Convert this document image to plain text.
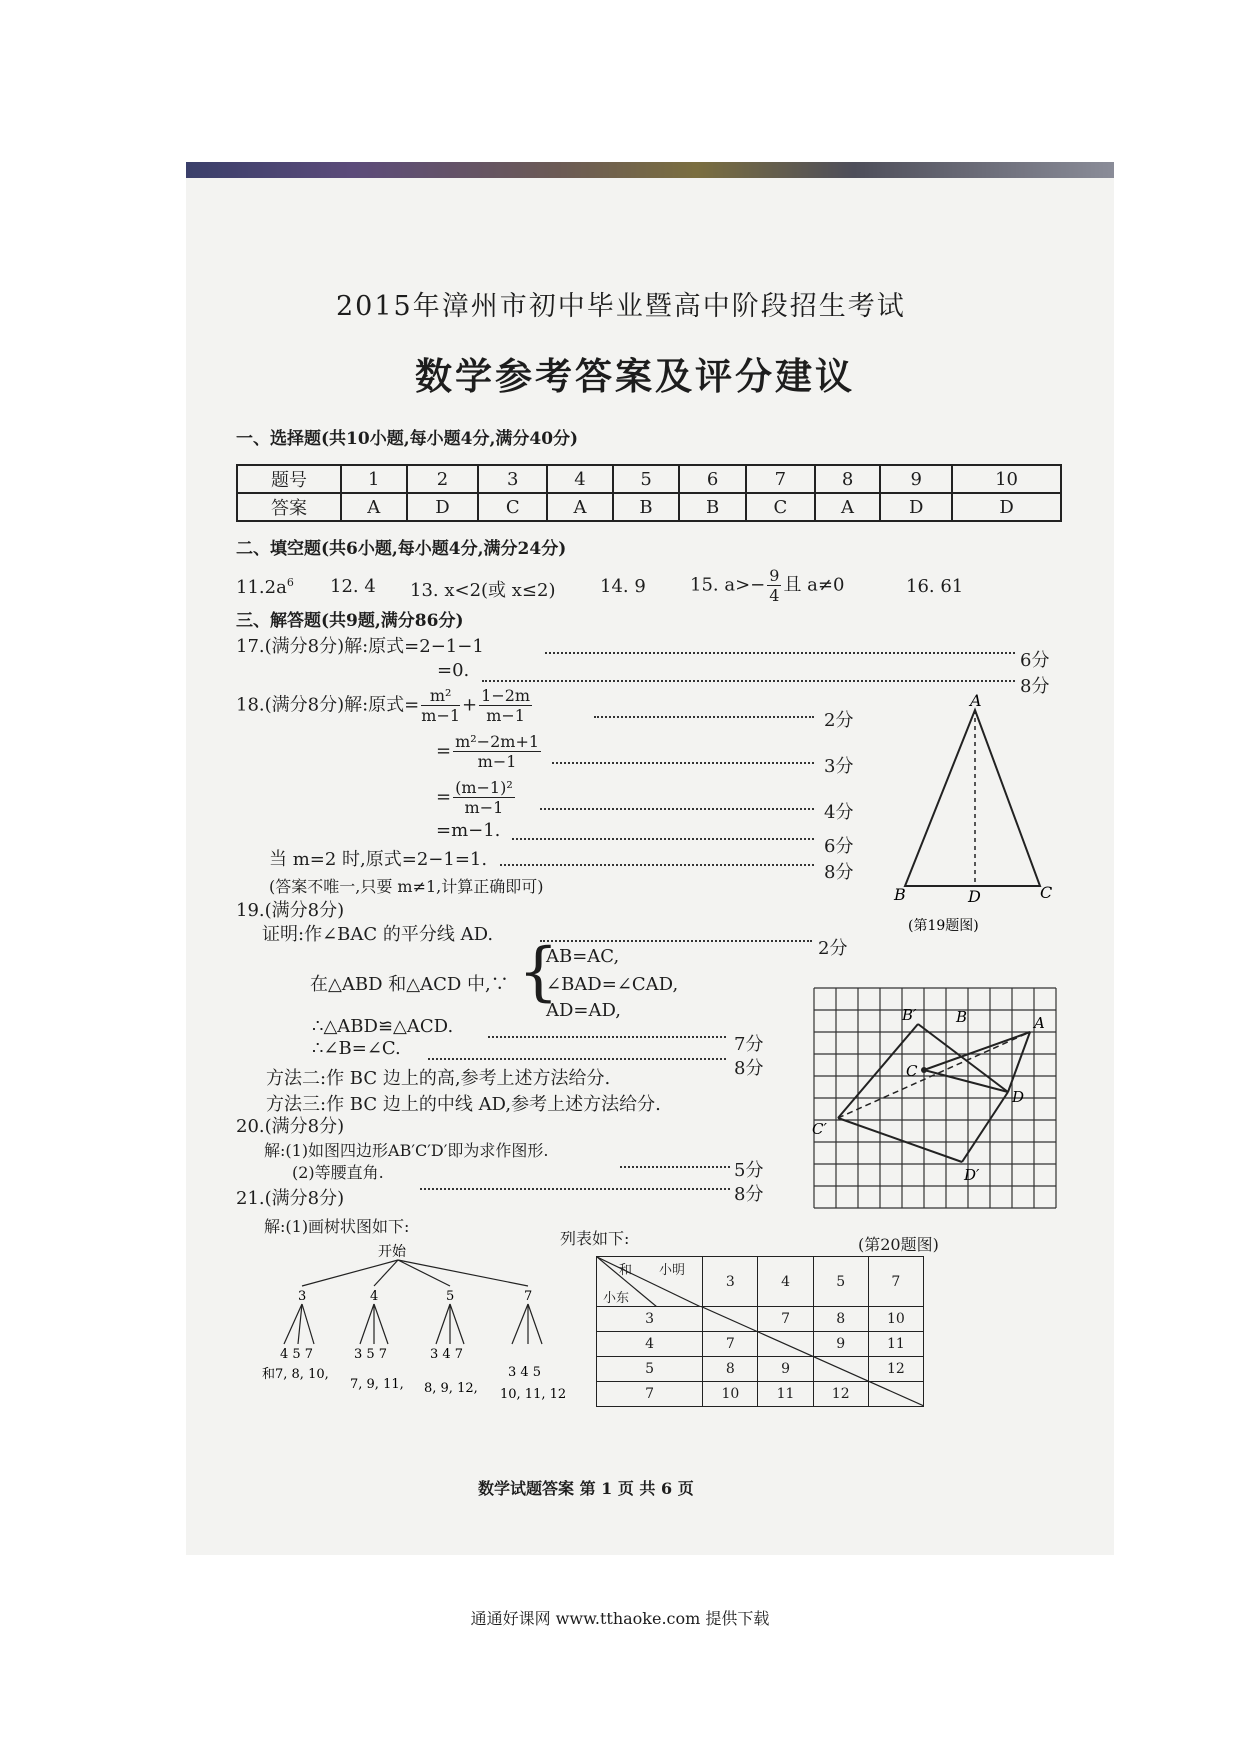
2015年漳州市初中毕业暨高中阶段招生考试
数学参考答案及评分建议
一、选择题(共10小题,每小题4分,满分40分)
题号	1	2	3	4	5	6	7	8	9	10
答案	A	D	C	A	B	B	C	A	D	D
二、填空题(共6小题,每小题4分,满分24分)
$11.2a^6$ 12. 4 13. x<2(或 x≤2) 14. 9 15. $a>- \frac{9}{4}$ 且 a≠0	16. 61
三、解答题(共9题,满分86分)
17.(满分8分)解:原式=2−1−1
6分
=0.
8分
18.(满分8分)解:原式= $\frac{\text{m²}}{m-1} + \frac{1-2m}{m-1}$	2分
= $\frac{\text{m²−2m+1}}{m-1}$	3分
= $\frac{\text{(m−1)²}}{m-1}$	4分
=m−1.
当 m=2 时,原式=2−1=1.
6分
8分
(答案不唯一,只要 m≠1,计算正确即可)
A
B	D	C
(第19题图)
19.(满分8分)
证明:作∠BAC 的平分线 AD.
2分
在△ABD 和△ACD 中,∵ {
AB=AC,
∠BAD=∠CAD,
AD=AD,
∴△ABD≌△ACD.
7分
∴∠B=∠C.
8分
方法二:作 BC 边上的高,参考上述方法给分.
方法三:作 BC 边上的中线 AD,参考上述方法给分.
20.(满分8分)
解:(1)如图四边形AB′C′D′即为求作图形.
5分
(2)等腰直角.
8分
B′	B	A
C
D
C′
D′
(第20题图)
21.(满分8分)
解:(1)画树状图如下:
列表如下:
开始
3	4	5	7
4 5 7	3 5 7	3 4 7
3 4 5
和7, 8, 10,
7, 9, 11, 8, 9, 12, 10, 11, 12
小明
和
小东	3	4	5	7
3		7	8	10
4	7		9	11
5	8	9		12
7	10	11	12	
数学试题答案 第 1 页 共 6 页
通通好课网 www.tthaoke.com 提供下载
